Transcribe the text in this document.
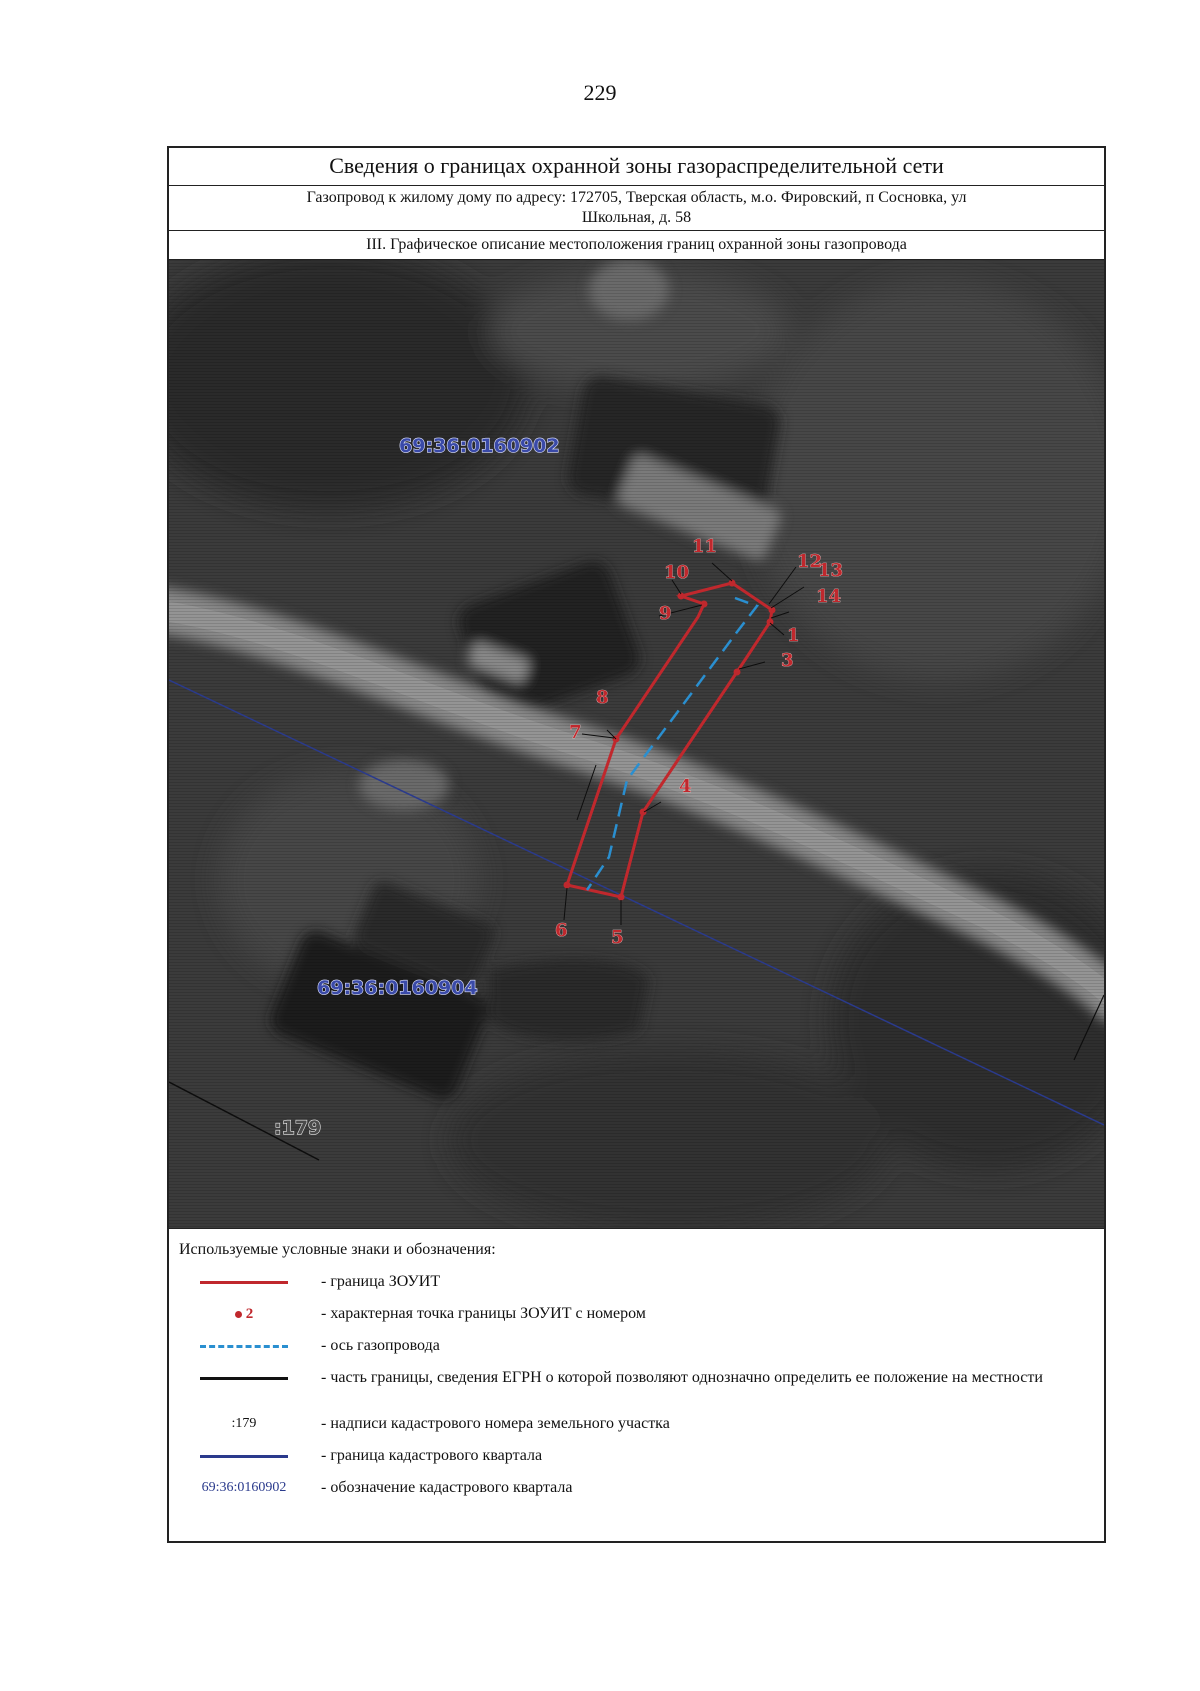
229
Сведения о границах охранной зоны газораспределительной сети
Газопровод к жилому дому по адресу: 172705, Тверская область, м.о. Фировский, п Сосновка, ул
Школьная, д. 58
III. Графическое описание местоположения границ охранной зоны газопровода
1
3
4
5
6
7
8
9
10
11
12
13
14
69:36:0160902
69:36:0160904
:179
Используемые условные знаки и обозначения:
- граница ЗОУИТ
2	- характерная точка границы ЗОУИТ с номером
- ось газопровода
- часть границы, сведения ЕГРН о которой позволяют однозначно определить ее положение на местности
:179	- надписи кадастрового номера земельного участка
- граница кадастрового квартала
69:36:0160902	- обозначение кадастрового квартала
